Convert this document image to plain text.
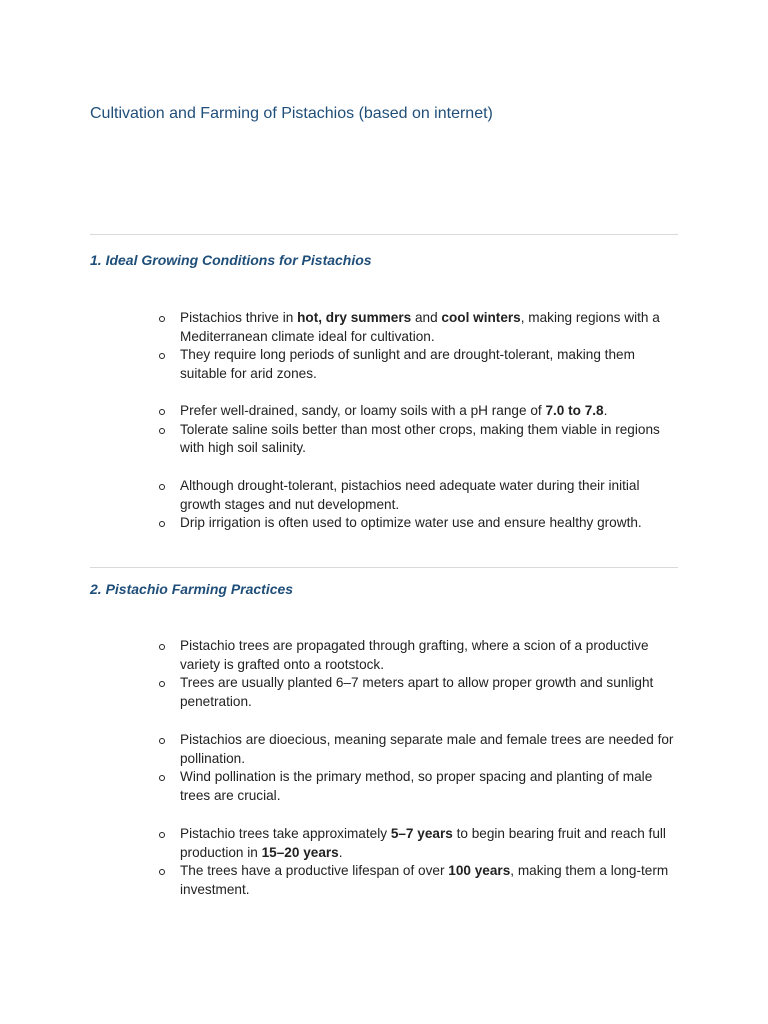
Cultivation and Farming of Pistachios (based on internet)
1. Ideal Growing Conditions for Pistachios
Pistachios thrive in hot, dry summers and cool winters, making regions with a Mediterranean climate ideal for cultivation.
They require long periods of sunlight and are drought-tolerant, making them suitable for arid zones.
Prefer well-drained, sandy, or loamy soils with a pH range of 7.0 to 7.8.
Tolerate saline soils better than most other crops, making them viable in regions with high soil salinity.
Although drought-tolerant, pistachios need adequate water during their initial growth stages and nut development.
Drip irrigation is often used to optimize water use and ensure healthy growth.
2. Pistachio Farming Practices
Pistachio trees are propagated through grafting, where a scion of a productive variety is grafted onto a rootstock.
Trees are usually planted 6–7 meters apart to allow proper growth and sunlight penetration.
Pistachios are dioecious, meaning separate male and female trees are needed for pollination.
Wind pollination is the primary method, so proper spacing and planting of male trees are crucial.
Pistachio trees take approximately 5–7 years to begin bearing fruit and reach full production in 15–20 years.
The trees have a productive lifespan of over 100 years, making them a long-term investment.
